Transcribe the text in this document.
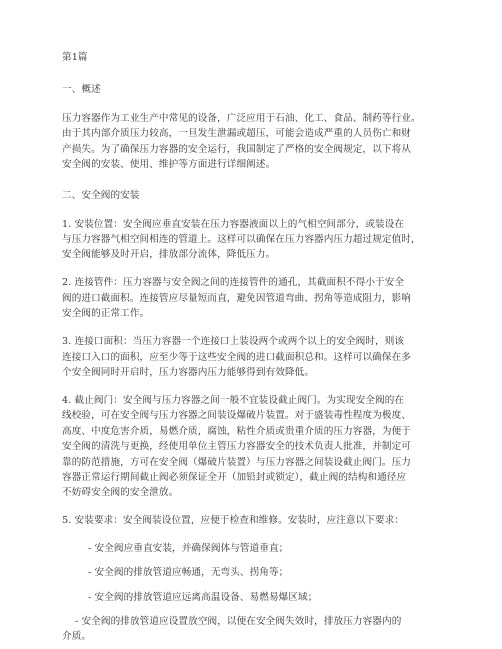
第1篇
一、概述
压力容器作为工业生产中常见的设备，广泛应用于石油、化工、食品、制药等行业。
由于其内部介质压力较高，一旦发生泄漏或超压，可能会造成严重的人员伤亡和财
产损失。为了确保压力容器的安全运行，我国制定了严格的安全阀规定，以下将从
安全阀的安装、使用、维护等方面进行详细阐述。
二、安全阀的安装
1. 安装位置：安全阀应垂直安装在压力容器液面以上的气相空间部分，或装设在
与压力容器气相空间相连的管道上。这样可以确保在压力容器内压力超过规定值时，
安全阀能够及时开启，排放部分流体，降低压力。
2. 连接管件：压力容器与安全阀之间的连接管件的通孔，其截面积不得小于安全
阀的进口截面积。连接管应尽量短而直，避免因管道弯曲、拐角等造成阻力，影响
安全阀的正常工作。
3. 连接口面积：当压力容器一个连接口上装设两个或两个以上的安全阀时，则该
连接口入口的面积，应至少等于这些安全阀的进口截面积总和。这样可以确保在多
个安全阀同时开启时，压力容器内压力能够得到有效降低。
4. 截止阀门：安全阀与压力容器之间一般不宜装设截止阀门。为实现安全阀的在
线校验，可在安全阀与压力容器之间装设爆破片装置。对于盛装毒性程度为极度、
高度、中度危害介质，易燃介质，腐蚀，粘性介质或贵重介质的压力容器，为便于
安全阀的清洗与更换，经使用单位主管压力容器安全的技术负责人批准，并制定可
靠的防范措施，方可在安全阀（爆破片装置）与压力容器之间装设截止阀门。压力
容器正常运行期间截止阀必须保证全开（加铅封或锁定），截止阀的结构和通径应
不妨碍安全阀的安全泄放。
5. 安装要求：安全阀装设位置，应便于检查和维修。安装时，应注意以下要求：
- 安全阀应垂直安装，并确保阀体与管道垂直；
- 安全阀的排放管道应畅通，无弯头、拐角等；
- 安全阀的排放管道应远离高温设备、易燃易爆区域；
- 安全阀的排放管道应设置放空阀，以便在安全阀失效时，排放压力容器内的
介质。
